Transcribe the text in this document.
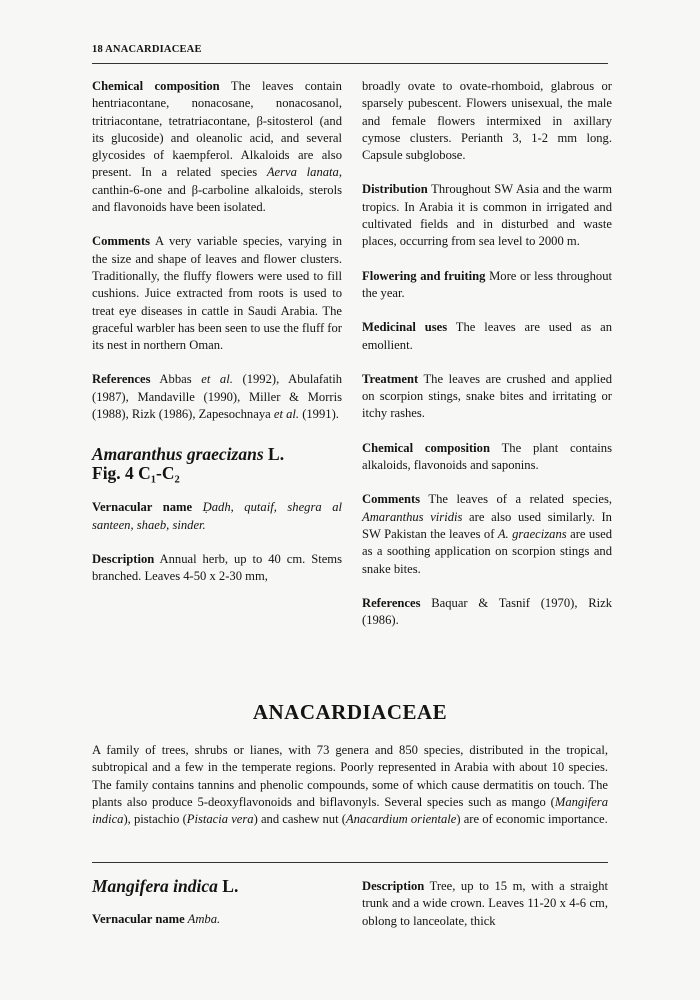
18 ANACARDIACEAE

Chemical composition The leaves contain hentriacontane, nonacosane, nonacosanol, tritriacontane, tetratriacontane, β-sitosterol (and its glucoside) and oleanolic acid, and several glycosides of kaempferol. Alkaloids are also present. In a related species Aerva lanata, canthin-6-one and β-carboline alkaloids, sterols and flavonoids have been isolated.

Comments A very variable species, varying in the size and shape of leaves and flower clusters. Traditionally, the fluffy flowers were used to fill cushions. Juice extracted from roots is used to treat eye diseases in cattle in Saudi Arabia. The graceful warbler has been seen to use the fluff for its nest in northern Oman.

References Abbas et al. (1992), Abulafatih (1987), Mandaville (1990), Miller & Morris (1988), Rizk (1986), Zapesochnaya et al. (1991).

Amaranthus graecizans L.
Fig. 4 C₁-C₂

Vernacular name Ḍadh, qutaif, shegra al santeen, shaeb, sinder.

Description Annual herb, up to 40 cm. Stems branched. Leaves 4-50 x 2-30 mm,

broadly ovate to ovate-rhomboid, glabrous or sparsely pubescent. Flowers unisexual, the male and female flowers intermixed in axillary cymose clusters. Perianth 3, 1-2 mm long. Capsule subglobose.

Distribution Throughout SW Asia and the warm tropics. In Arabia it is common in irrigated and cultivated fields and in disturbed and waste places, occurring from sea level to 2000 m.

Flowering and fruiting More or less throughout the year.

Medicinal uses The leaves are used as an emollient.

Treatment The leaves are crushed and applied on scorpion stings, snake bites and irritating or itchy rashes.

Chemical composition The plant contains alkaloids, flavonoids and saponins.

Comments The leaves of a related species, Amaranthus viridis are also used similarly. In SW Pakistan the leaves of A. graecizans are used as a soothing application on scorpion stings and snake bites.

References Baquar & Tasnif (1970), Rizk (1986).

ANACARDIACEAE
A family of trees, shrubs or lianes, with 73 genera and 850 species, distributed in the tropical, subtropical and a few in the temperate regions. Poorly represented in Arabia with about 10 species. The family contains tannins and phenolic compounds, some of which cause dermatitis on touch. The plants also produce 5-deoxyflavonoids and biflavonyls. Several species such as mango (Mangifera indica), pistachio (Pistacia vera) and cashew nut (Anacardium orientale) are of economic importance.
Mangifera indica L.
Vernacular name Amba.
Description Tree, up to 15 m, with a straight trunk and a wide crown. Leaves 11-20 x 4-6 cm, oblong to lanceolate, thick
